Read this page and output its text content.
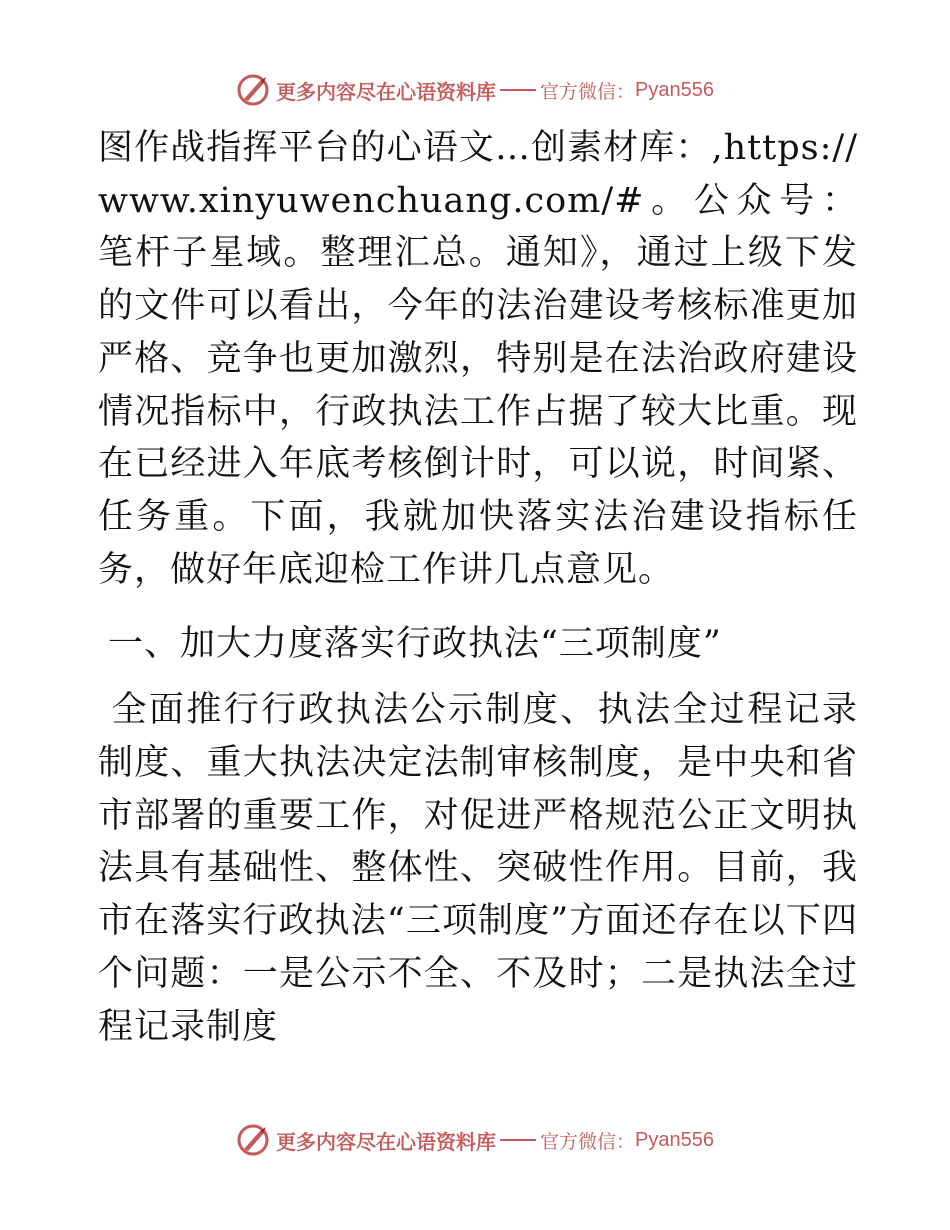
更多内容尽在心语资料库 官方微信： Pyan556

图作战指挥平台的心语文…创素材库：,https://www.xinyuwenchuang.com/#。公众号：笔杆子星域。整理汇总。通知》，通过上级下发的文件可以看出，今年的法治建设考核标准更加严格、竞争也更加激烈，特别是在法治政府建设情况指标中，行政执法工作占据了较大比重。现在已经进入年底考核倒计时，可以说，时间紧、任务重。下面，我就加快落实法治建设指标任务，做好年底迎检工作讲几点意见。

一、加大力度落实行政执法“三项制度”

全面推行行政执法公示制度、执法全过程记录制度、重大执法决定法制审核制度，是中央和省市部署的重要工作，对促进严格规范公正文明执法具有基础性、整体性、突破性作用。目前，我市在落实行政执法“三项制度”方面还存在以下四个问题：一是公示不全、不及时；二是执法全过程记录制度

更多内容尽在心语资料库 官方微信： Pyan556
